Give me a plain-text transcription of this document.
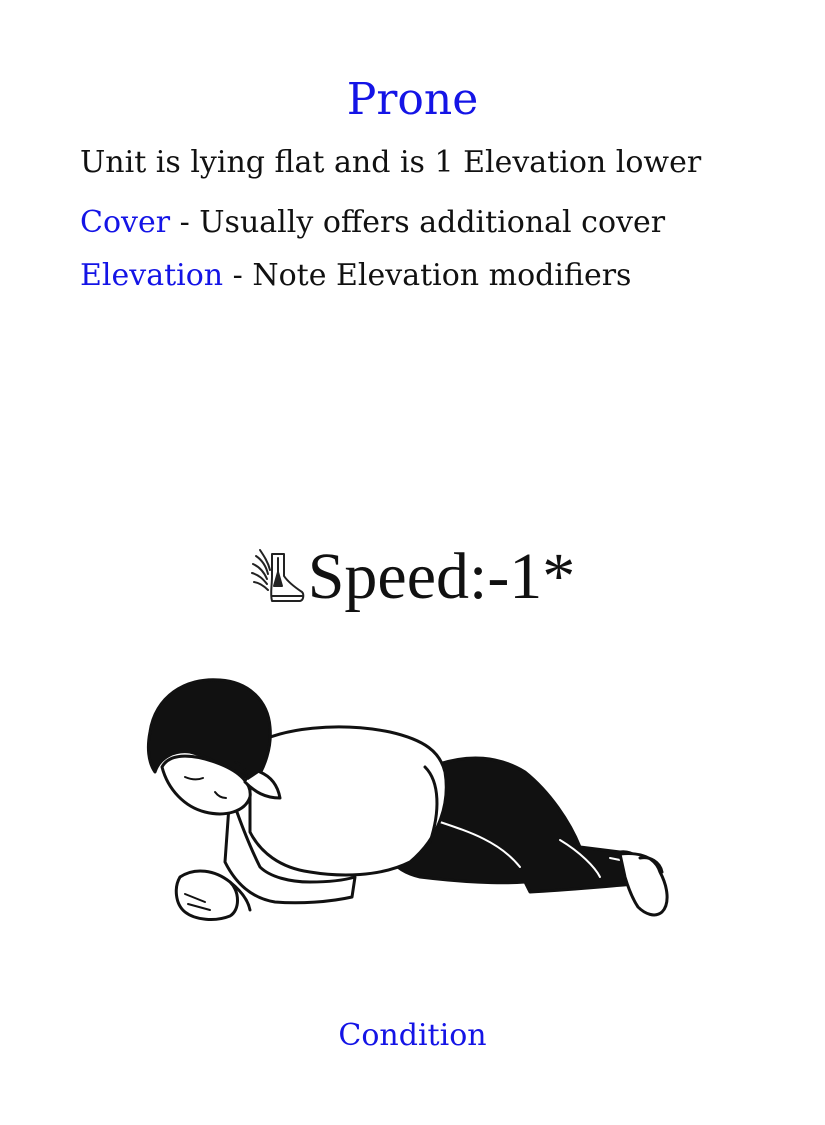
Prone
Unit is lying flat and is 1 Elevation lower
Cover - Usually offers additional cover
Elevation - Note Elevation modifiers
Speed:-1*
Condition
